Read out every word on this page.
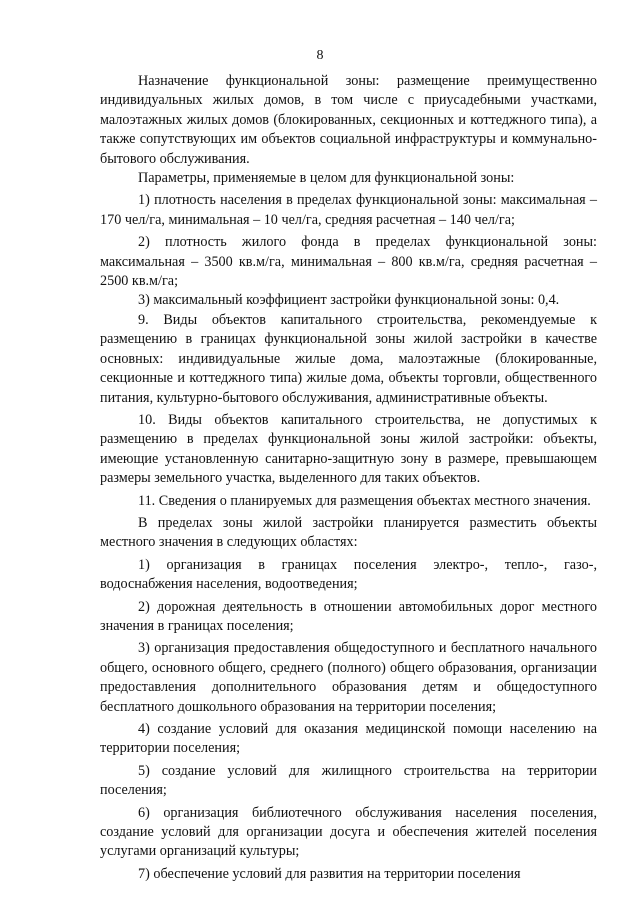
8

Назначение функциональной зоны: размещение преимущественно индивидуальных жилых домов, в том числе с приусадебными участками, малоэтажных жилых домов (блокированных, секционных и коттеджного типа), а также сопутствующих им объектов социальной инфраструктуры и коммунально-бытового обслуживания.

Параметры, применяемые в целом для функциональной зоны:

1) плотность населения в пределах функциональной зоны: максимальная – 170 чел/га, минимальная – 10 чел/га, средняя расчетная – 140 чел/га;

2) плотность жилого фонда в пределах функциональной зоны: максимальная – 3500 кв.м/га, минимальная – 800 кв.м/га, средняя расчетная – 2500 кв.м/га;

3) максимальный коэффициент застройки функциональной зоны: 0,4.

9. Виды объектов капитального строительства, рекомендуемые к размещению в границах функциональной зоны жилой застройки в качестве основных: индивидуальные жилые дома, малоэтажные (блокированные, секционные и коттеджного типа) жилые дома, объекты торговли, общественного питания, культурно-бытового обслуживания, административные объекты.

10. Виды объектов капитального строительства, не допустимых к размещению в пределах функциональной зоны жилой застройки: объекты, имеющие установленную санитарно-защитную зону в размере, превышающем размеры земельного участка, выделенного для таких объектов.

11. Сведения о планируемых для размещения объектах местного значения.

В пределах зоны жилой застройки планируется разместить объекты местного значения в следующих областях:

1) организация в границах поселения электро-, тепло-, газо-, водоснабжения населения, водоотведения;

2) дорожная деятельность в отношении автомобильных дорог местного значения в границах поселения;

3) организация предоставления общедоступного и бесплатного начального общего, основного общего, среднего (полного) общего образования, организации предоставления дополнительного образования детям и общедоступного бесплатного дошкольного образования на территории поселения;

4) создание условий для оказания медицинской помощи населению на территории поселения;

5) создание условий для жилищного строительства на территории поселения;

6) организация библиотечного обслуживания населения поселения, создание условий для организации досуга и обеспечения жителей поселения услугами организаций культуры;

7) обеспечение условий для развития на территории поселения
